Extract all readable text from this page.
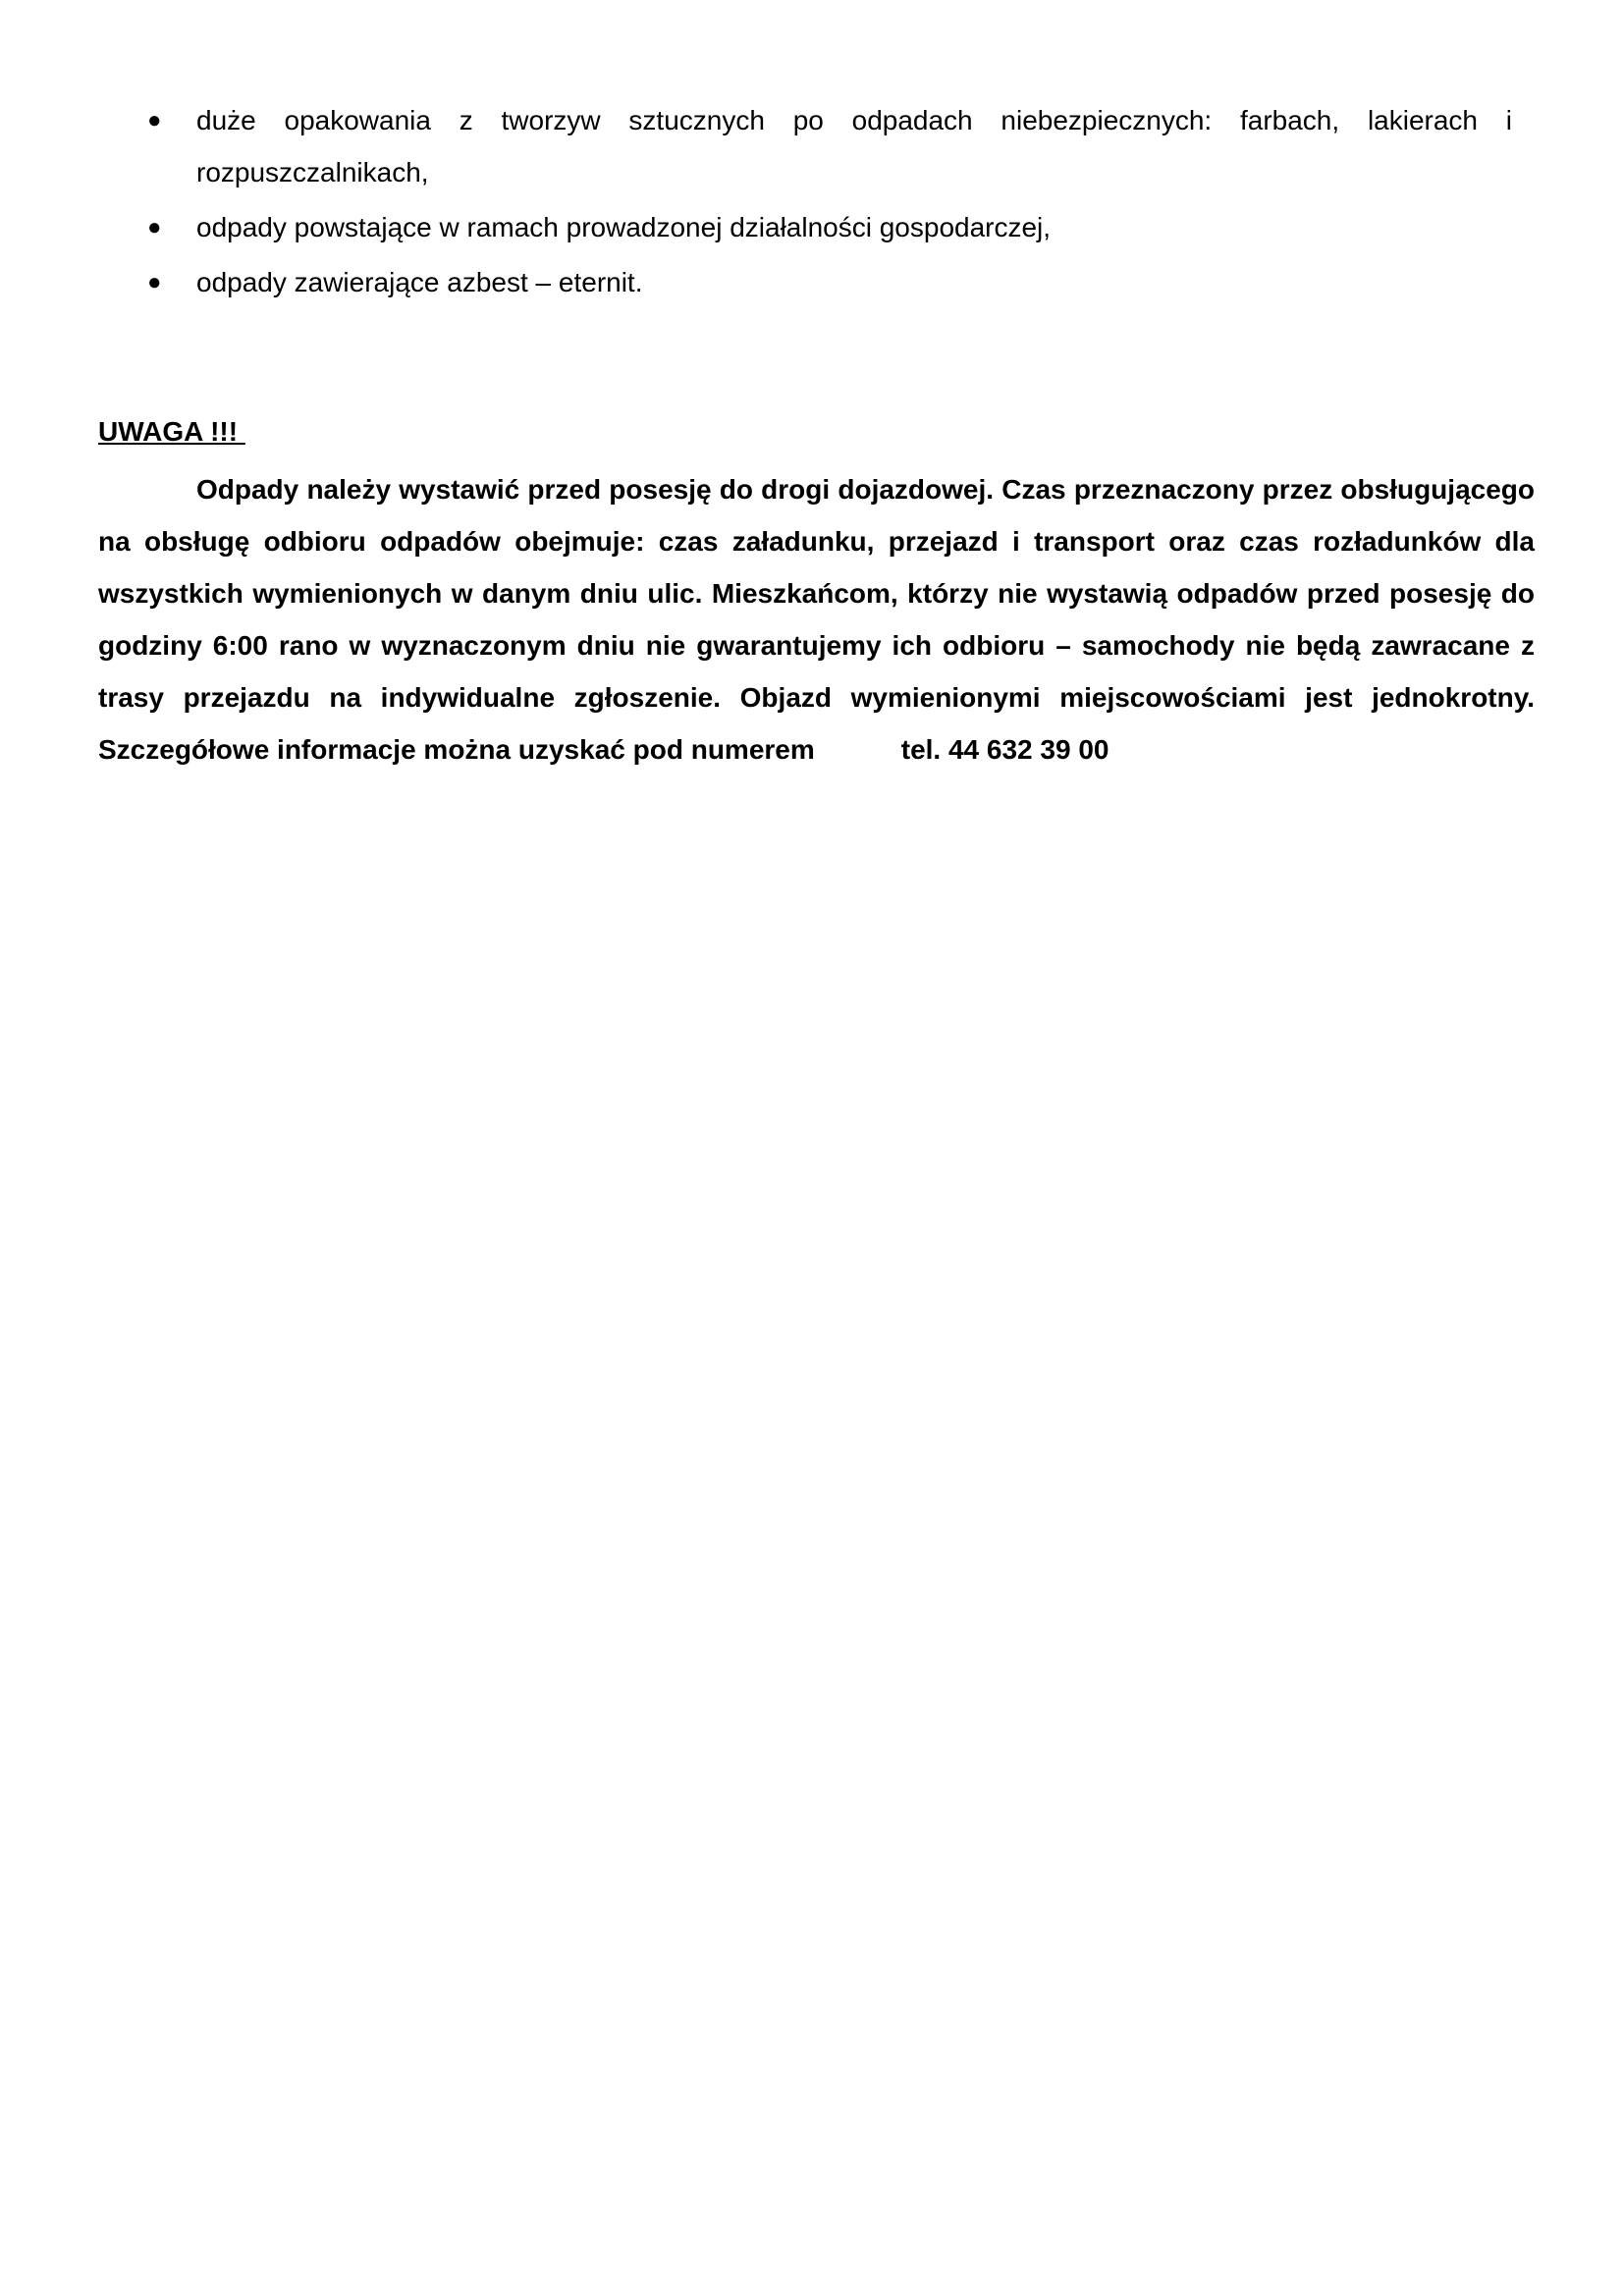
● duże opakowania z tworzyw sztucznych po odpadach niebezpiecznych: farbach, lakierach i rozpuszczalnikach,
● odpady powstające w ramach prowadzonej działalności gospodarczej,
● odpady zawierające azbest – eternit.
UWAGA !!!

Odpady należy wystawić przed posesję do drogi dojazdowej. Czas przeznaczony przez obsługującego na obsługę odbioru odpadów obejmuje: czas załadunku, przejazd i transport oraz czas rozładunków dla wszystkich wymienionych w danym dniu ulic. Mieszkańcom, którzy nie wystawią odpadów przed posesję do godziny 6:00 rano w wyznaczonym dniu nie gwarantujemy ich odbioru – samochody nie będą zawracane z trasy przejazdu na indywidualne zgłoszenie. Objazd wymienionymi miejscowościami jest jednokrotny. Szczegółowe informacje można uzyskać pod numerem	tel. 44 632 39 00
